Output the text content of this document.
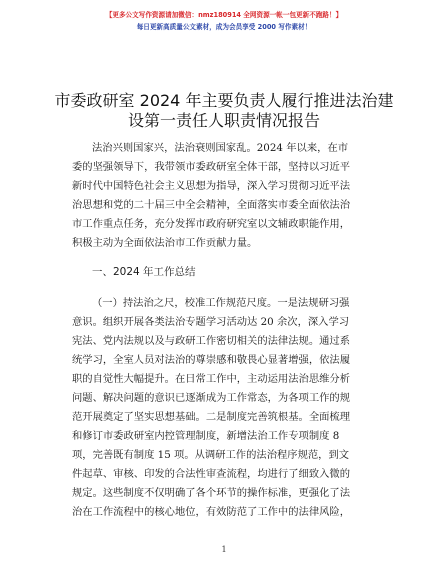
【更多公文写作资源请加微信：nmz180914 全网资源一帐一包更新不跑路！】
每日更新高质量公文素材，成为会员享受 2000 写作素材！
市委政研室 2024 年主要负责人履行推进法治建
设第一责任人职责情况报告
法治兴则国家兴，法治衰则国家乱。2024 年以来，在市
委的坚强领导下，我带领市委政研室全体干部，坚持以习近平
新时代中国特色社会主义思想为指导，深入学习贯彻习近平法
治思想和党的二十届三中全会精神，全面落实市委全面依法治
市工作重点任务，充分发挥市政府研究室以文辅政职能作用，
积极主动为全面依法治市工作贡献力量。
一、2024 年工作总结
（一）持法治之尺，校准工作规范尺度。一是法规研习强
意识。组织开展各类法治专题学习活动达 20 余次，深入学习
宪法、党内法规以及与政研工作密切相关的法律法规。通过系
统学习，全室人员对法治的尊崇感和敬畏心显著增强，依法履
职的自觉性大幅提升。在日常工作中，主动运用法治思维分析
问题、解决问题的意识已逐渐成为工作常态，为各项工作的规
范开展奠定了坚实思想基础。二是制度完善筑根基。全面梳理
和修订市委政研室内控管理制度，新增法治工作专项制度 8
项，完善既有制度 15 项。从调研工作的法治程序规范，到文
件起草、审核、印发的合法性审查流程，均进行了细致入微的
规定。这些制度不仅明确了各个环节的操作标准，更强化了法
治在工作流程中的核心地位，有效防范了工作中的法律风险，
1
